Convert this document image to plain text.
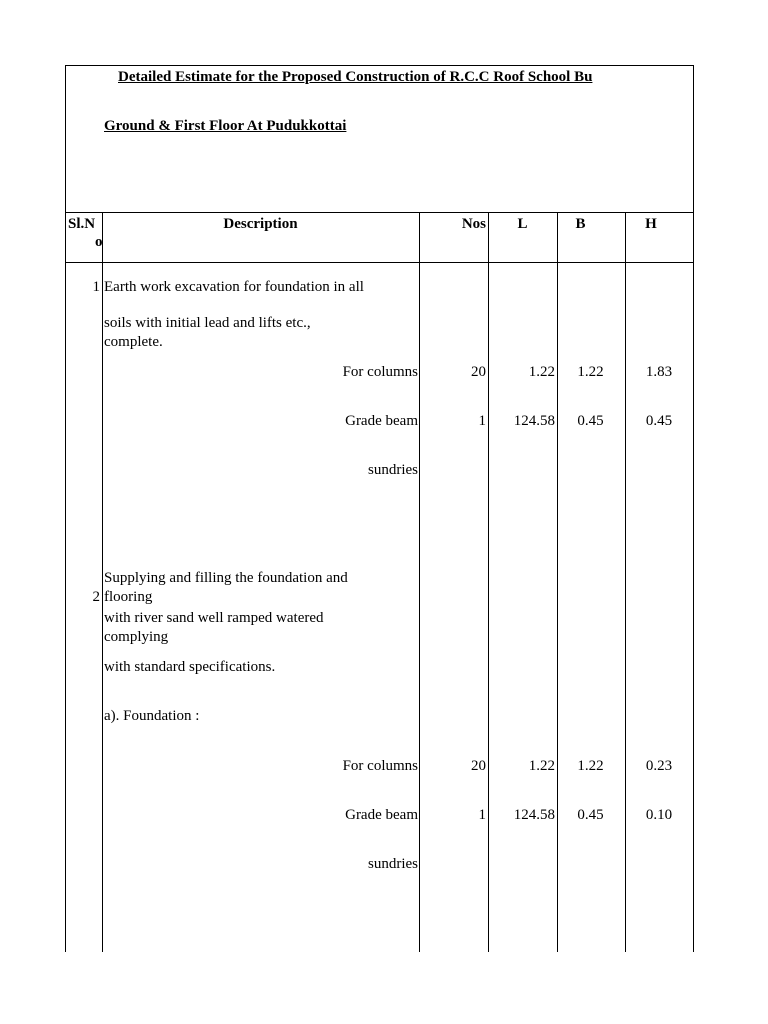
Detailed Estimate for the Proposed Construction of R.C.C Roof School Bu
Ground & First Floor At Pudukkottai
Sl.N
o
Description	Nos	L	B	H
1 Earth work excavation for foundation in all
soils with initial lead and lifts etc.,
complete.
For columns	20	1.22	1.22	1.83
Grade beam	1	124.58	0.45	0.45
sundries
Supplying and filling the foundation and
2 flooring
with river sand well ramped watered
complying
with standard specifications.
a). Foundation :
For columns	20	1.22	1.22	0.23
Grade beam	1	124.58	0.45	0.10
sundries
